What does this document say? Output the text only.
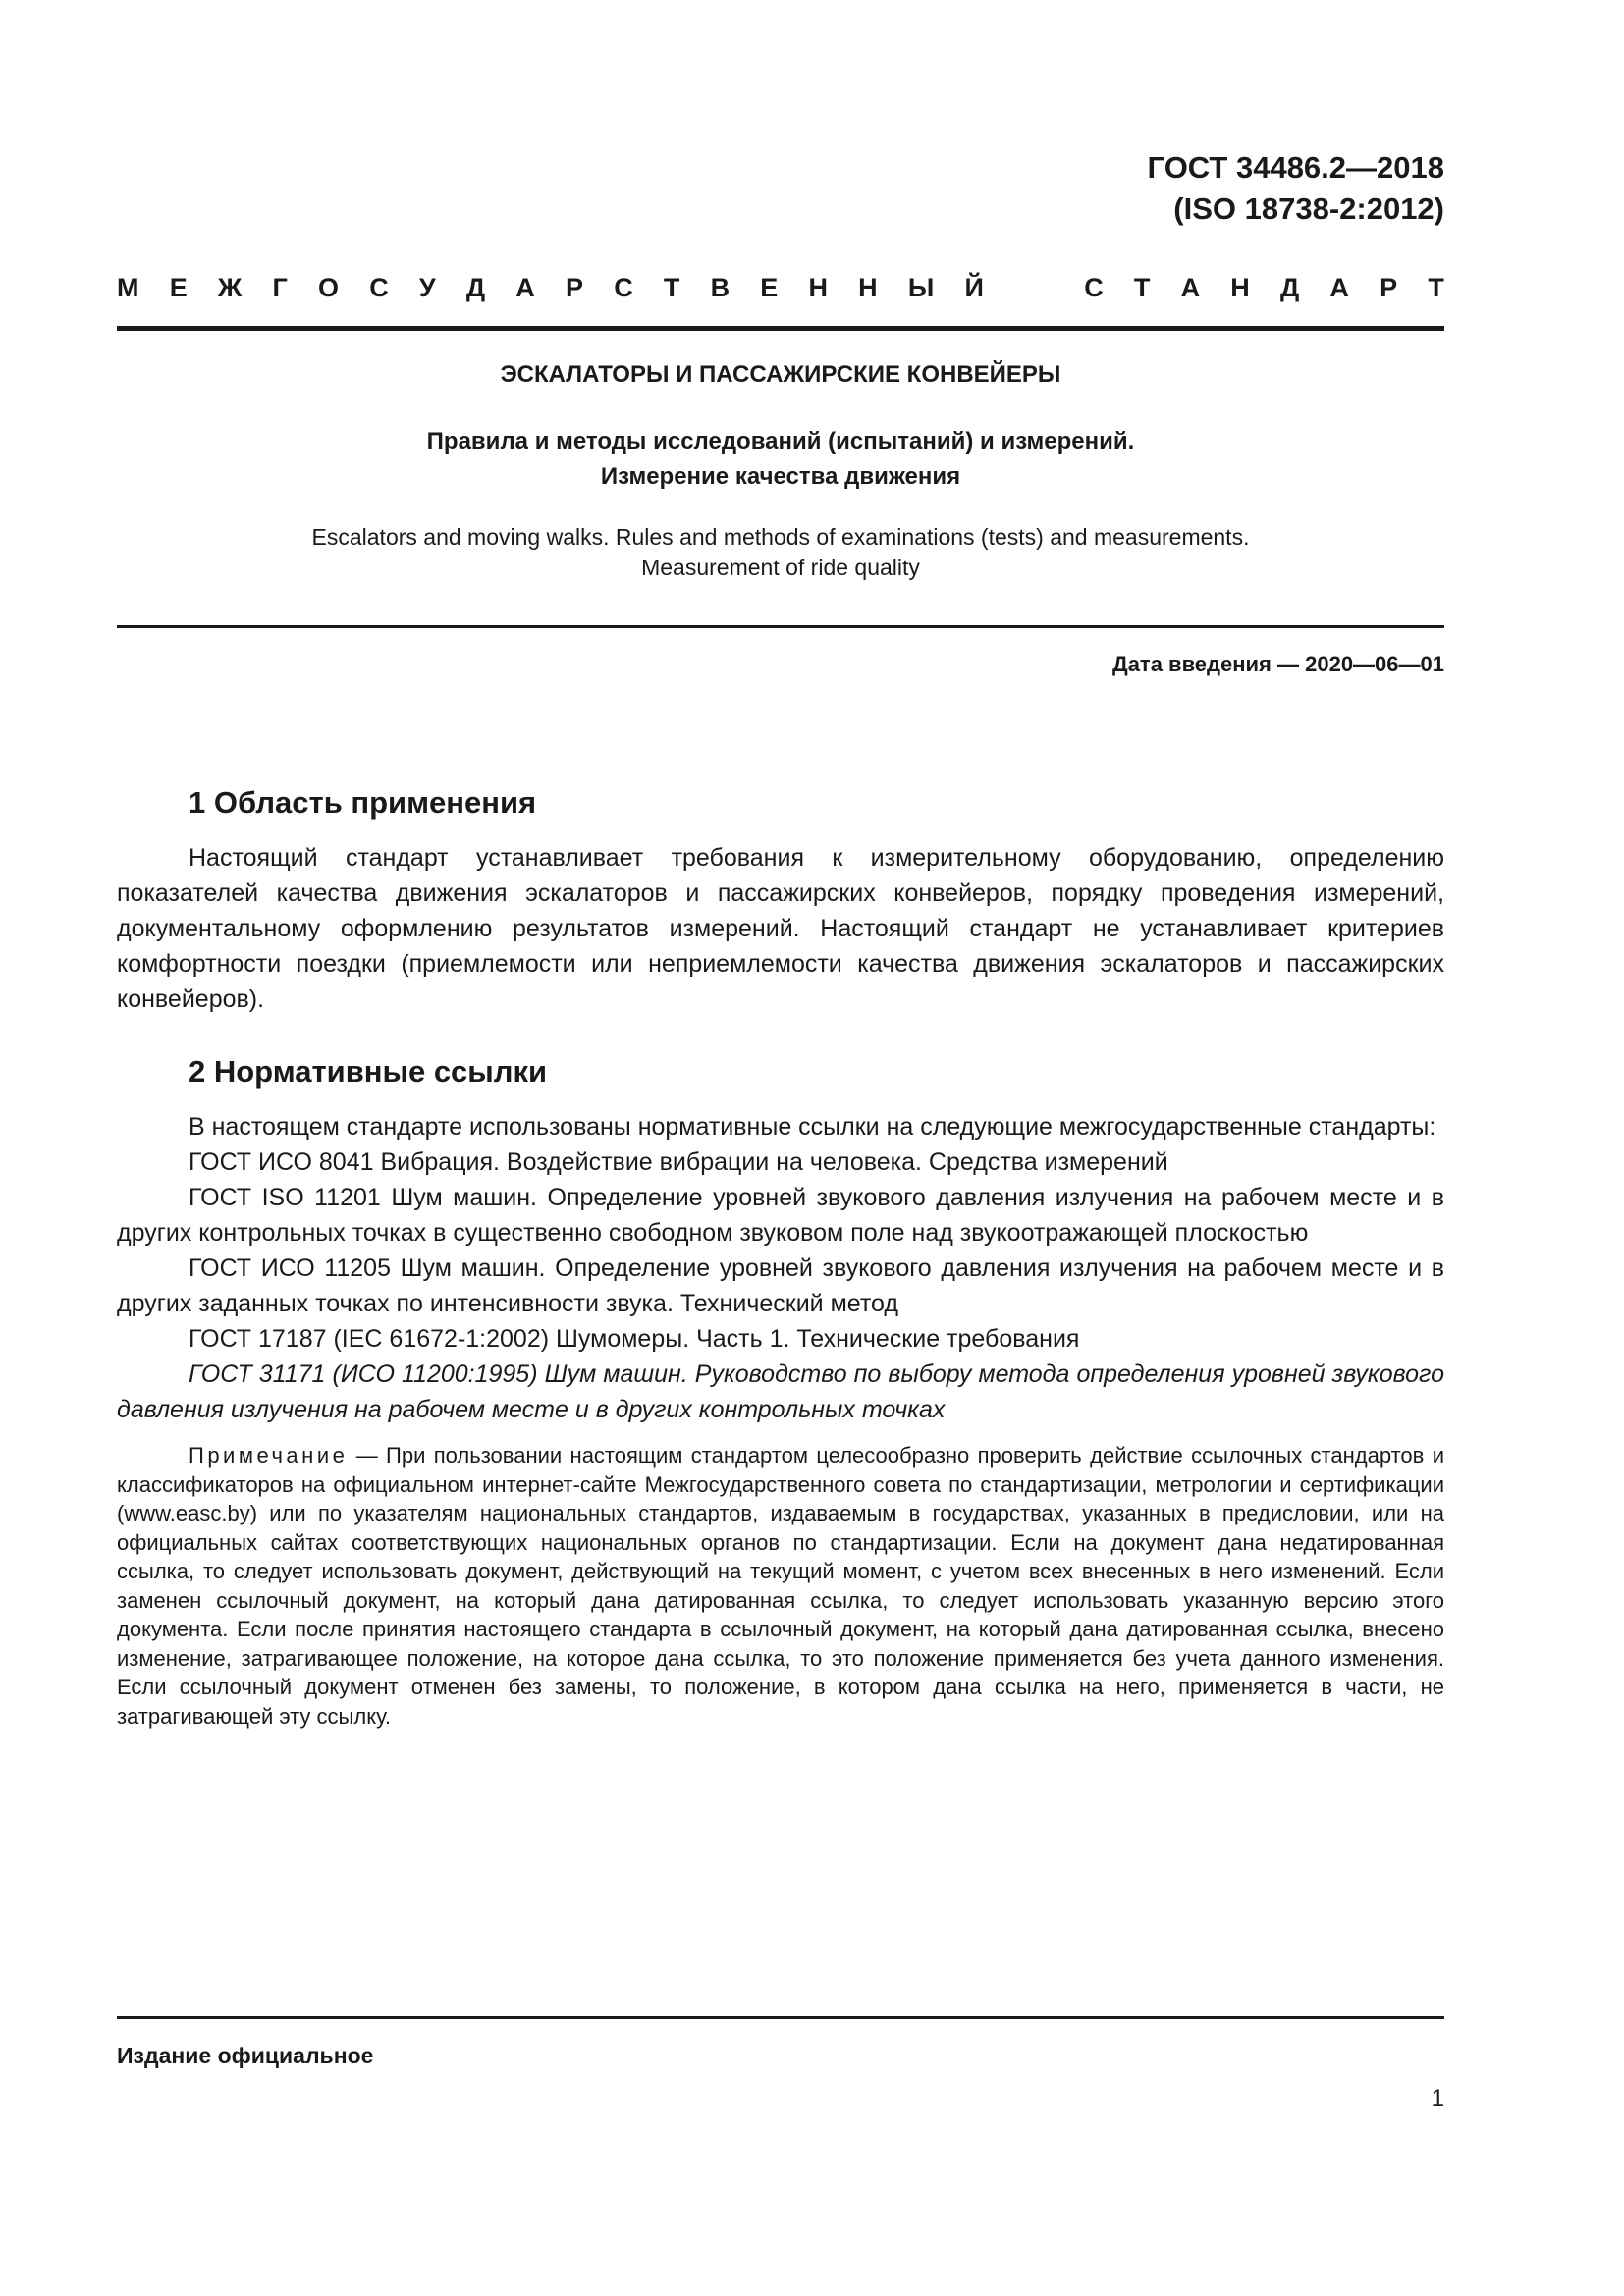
ГОСТ 34486.2—2018
(ISO 18738-2:2012)
М Е Ж Г О С У Д А Р С Т В Е Н Н Ы Й	С Т А Н Д А Р Т
ЭСКАЛАТОРЫ И ПАССАЖИРСКИЕ КОНВЕЙЕРЫ
Правила и методы исследований (испытаний) и измерений.
Измерение качества движения
Escalators and moving walks. Rules and methods of examinations (tests) and measurements.
Measurement of ride quality
Дата введения — 2020—06—01
1 Область применения

Настоящий стандарт устанавливает требования к измерительному оборудованию, определению показателей качества движения эскалаторов и пассажирских конвейеров, порядку проведения измерений, документальному оформлению результатов измерений. Настоящий стандарт не устанавливает критериев комфортности поездки (приемлемости или неприемлемости качества движения эскалаторов и пассажирских конвейеров).

2 Нормативные ссылки

В настоящем стандарте использованы нормативные ссылки на следующие межгосударственные стандарты:

ГОСТ ИСО 8041 Вибрация. Воздействие вибрации на человека. Средства измерений

ГОСТ ISO 11201 Шум машин. Определение уровней звукового давления излучения на рабочем месте и в других контрольных точках в существенно свободном звуковом поле над звукоотражающей плоскостью

ГОСТ ИСО 11205 Шум машин. Определение уровней звукового давления излучения на рабочем месте и в других заданных точках по интенсивности звука. Технический метод

ГОСТ 17187 (IEC 61672-1:2002) Шумомеры. Часть 1. Технические требования

ГОСТ 31171 (ИСО 11200:1995) Шум машин. Руководство по выбору метода определения уровней звукового давления излучения на рабочем месте и в других контрольных точках

Примечание — При пользовании настоящим стандартом целесообразно проверить действие ссылочных стандартов и классификаторов на официальном интернет-сайте Межгосударственного совета по стандартизации, метрологии и сертификации (www.easc.by) или по указателям национальных стандартов, издаваемым в государствах, указанных в предисловии, или на официальных сайтах соответствующих национальных органов по стандартизации. Если на документ дана недатированная ссылка, то следует использовать документ, действующий на текущий момент, с учетом всех внесенных в него изменений. Если заменен ссылочный документ, на который дана датированная ссылка, то следует использовать указанную версию этого документа. Если после принятия настоящего стандарта в ссылочный документ, на который дана датированная ссылка, внесено изменение, затрагивающее положение, на которое дана ссылка, то это положение применяется без учета данного изменения. Если ссылочный документ отменен без замены, то положение, в котором дана ссылка на него, применяется в части, не затрагивающей эту ссылку.

Издание официальное
1
